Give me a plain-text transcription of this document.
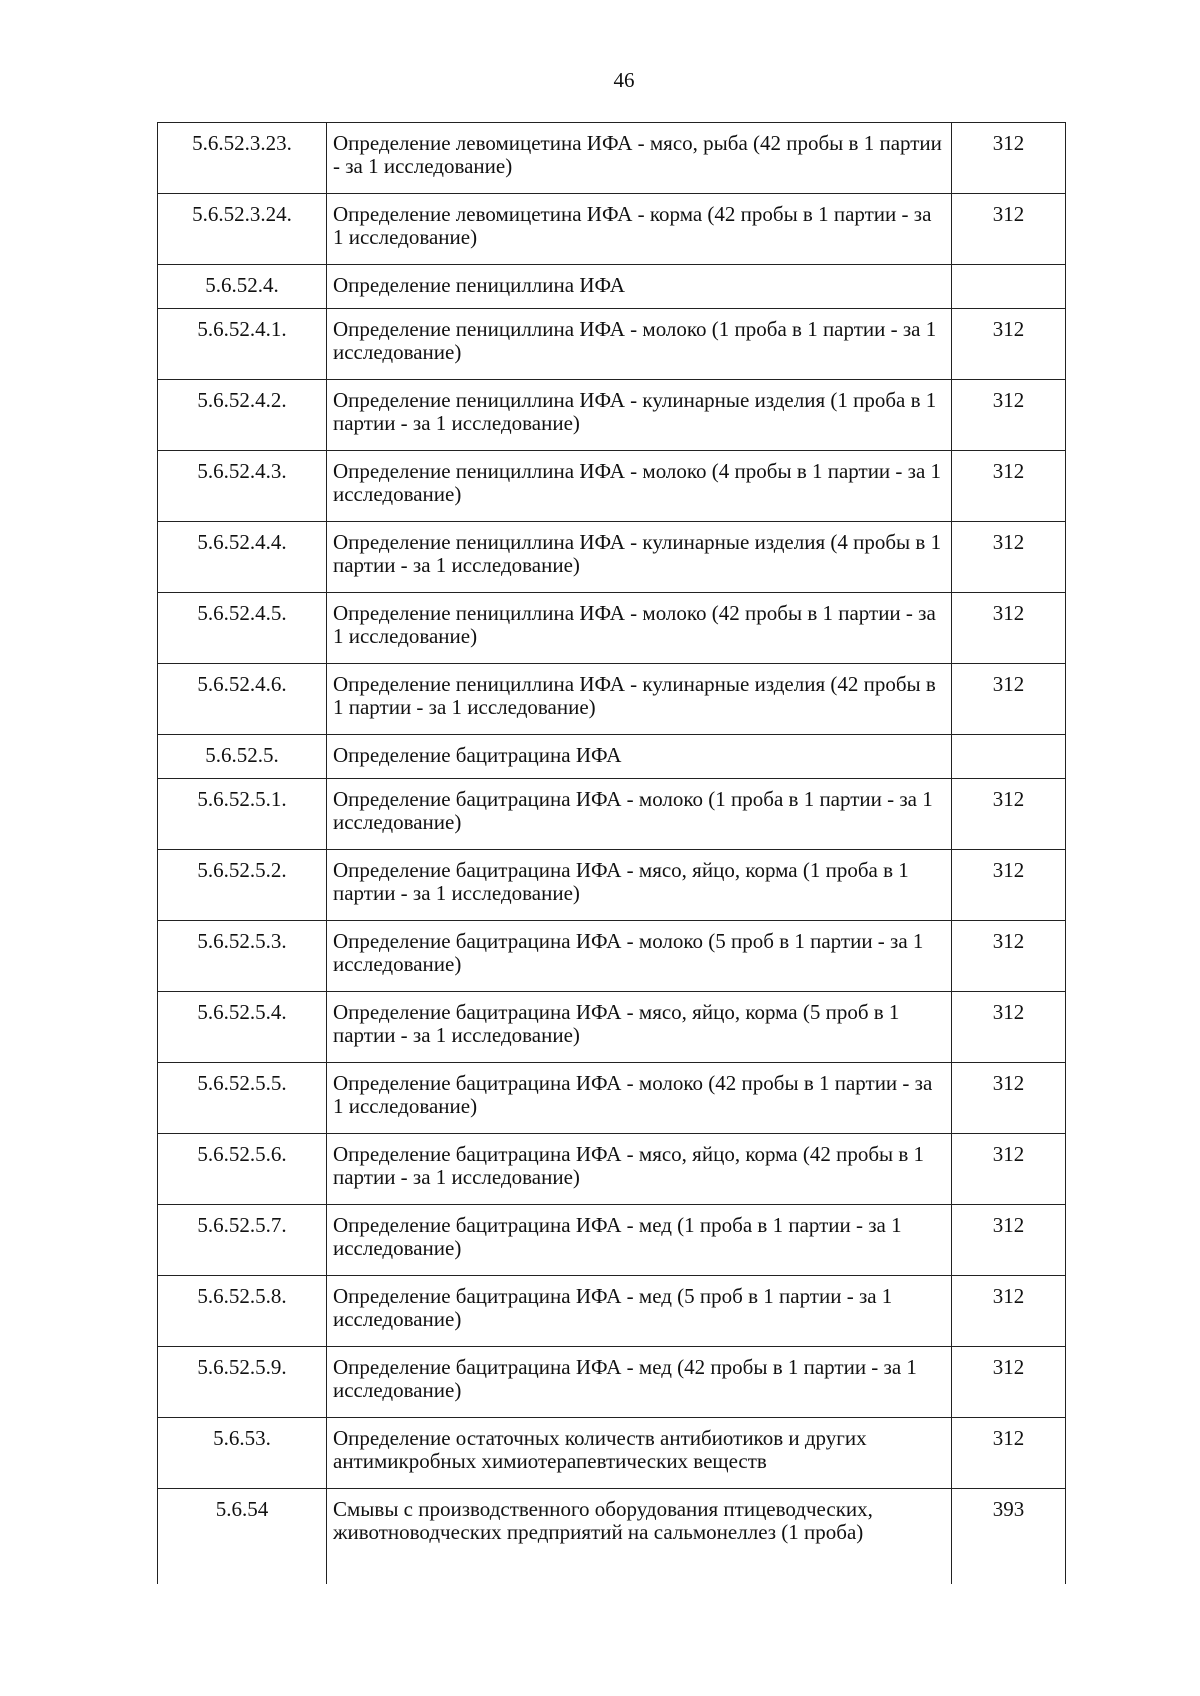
46
5.6.52.3.23.	Определение левомицетина ИФА - мясо, рыба (42 пробы в 1 партии - за 1 исследование)	312
5.6.52.3.24.	Определение левомицетина ИФА - корма (42 пробы в 1 партии - за 1 исследование)	312
5.6.52.4.	Определение пенициллина ИФА	
5.6.52.4.1.	Определение пенициллина ИФА - молоко (1 проба в 1 партии - за 1 исследование)	312
5.6.52.4.2.	Определение пенициллина ИФА - кулинарные изделия (1 проба в 1 партии - за 1 исследование)	312
5.6.52.4.3.	Определение пенициллина ИФА - молоко (4 пробы в 1 партии - за 1 исследование)	312
5.6.52.4.4.	Определение пенициллина ИФА - кулинарные изделия (4 пробы в 1 партии - за 1 исследование)	312
5.6.52.4.5.	Определение пенициллина ИФА - молоко (42 пробы в 1 партии - за 1 исследование)	312
5.6.52.4.6.	Определение пенициллина ИФА - кулинарные изделия (42 пробы в 1 партии - за 1 исследование)	312
5.6.52.5.	Определение бацитрацина ИФА	
5.6.52.5.1.	Определение бацитрацина ИФА - молоко (1 проба в 1 партии - за 1 исследование)	312
5.6.52.5.2.	Определение бацитрацина ИФА - мясо, яйцо, корма (1 проба в 1 партии - за 1 исследование)	312
5.6.52.5.3.	Определение бацитрацина ИФА - молоко (5 проб в 1 партии - за 1 исследование)	312
5.6.52.5.4.	Определение бацитрацина ИФА - мясо, яйцо, корма (5 проб в 1 партии - за 1 исследование)	312
5.6.52.5.5.	Определение бацитрацина ИФА - молоко (42 пробы в 1 партии - за 1 исследование)	312
5.6.52.5.6.	Определение бацитрацина ИФА - мясо, яйцо, корма (42 пробы в 1 партии - за 1 исследование)	312
5.6.52.5.7.	Определение бацитрацина ИФА - мед (1 проба в 1 партии - за 1 исследование)	312
5.6.52.5.8.	Определение бацитрацина ИФА - мед (5 проб в 1 партии - за 1 исследование)	312
5.6.52.5.9.	Определение бацитрацина ИФА - мед (42 пробы в 1 партии - за 1 исследование)	312
5.6.53.	Определение остаточных количеств антибиотиков и других антимикробных химиотерапевтических веществ	312
5.6.54	Смывы с производственного оборудования птицеводческих, животноводческих предприятий на сальмонеллез (1 проба)	393
